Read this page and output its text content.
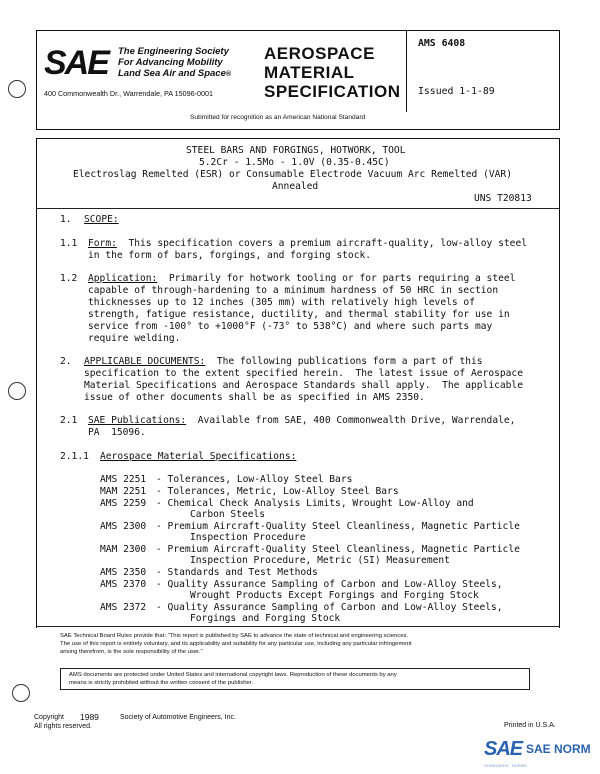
SAE The Engineering Society
For Advancing Mobility
Land Sea Air and Space®
400 Commonwealth Dr., Warrendale, PA 15096-0001
AEROSPACE
MATERIAL
SPECIFICATION
AMS 6408
Issued 1-1-89
Submitted for recognition as an American National Standard
STEEL BARS AND FORGINGS, HOTWORK, TOOL
5.2Cr - 1.5Mo - 1.0V (0.35-0.45C)
Electroslag Remelted (ESR) or Consumable Electrode Vacuum Arc Remelted (VAR)
Annealed
UNS T20813
1. SCOPE:
1.1 Form: This specification covers a premium aircraft-quality, low-alloy steel
in the form of bars, forgings, and forging stock.
1.2 Application: Primarily for hotwork tooling or for parts requiring a steel
capable of through-hardening to a minimum hardness of 50 HRC in section
thicknesses up to 12 inches (305 mm) with relatively high levels of
strength, fatigue resistance, ductility, and thermal stability for use in
service from -100° to +1000°F (-73° to 538°C) and where such parts may
require welding.
2. APPLICABLE DOCUMENTS: The following publications form a part of this
specification to the extent specified herein.  The latest issue of Aerospace
Material Specifications and Aerospace Standards shall apply.  The applicable
issue of other documents shall be as specified in AMS 2350.
2.1 SAE Publications: Available from SAE, 400 Commonwealth Drive, Warrendale,
PA  15096.
2.1.1 Aerospace Material Specifications:
AMS 2251 - Tolerances, Low-Alloy Steel Bars
MAM 2251 - Tolerances, Metric, Low-Alloy Steel Bars
AMS 2259 - Chemical Check Analysis Limits, Wrought Low-Alloy and
Carbon Steels
AMS 2300 - Premium Aircraft-Quality Steel Cleanliness, Magnetic Particle
Inspection Procedure
MAM 2300 - Premium Aircraft-Quality Steel Cleanliness, Magnetic Particle
Inspection Procedure, Metric (SI) Measurement
AMS 2350 - Standards and Test Methods
AMS 2370 - Quality Assurance Sampling of Carbon and Low-Alloy Steels,
Wrought Products Except Forgings and Forging Stock
AMS 2372 - Quality Assurance Sampling of Carbon and Low-Alloy Steels,
Forgings and Forging Stock
SAE Technical Board Rules provide that: "This report is published by SAE to advance the state of technical and engineering sciences.
The use of this report is entirely voluntary, and its applicability and suitability for any particular use, including any particular infringement
arising therefrom, is the sole responsibility of the user."
AMS documents are protected under United States and international copyright laws. Reproduction of these documents by any
means is strictly prohibited without the written consent of the publisher.
Copyright 1989	Society of Automotive Engineers, Inc.
All rights reserved.	Printed in U.S.A.
SAE SAE NORM
STANDARDS · NORMS
